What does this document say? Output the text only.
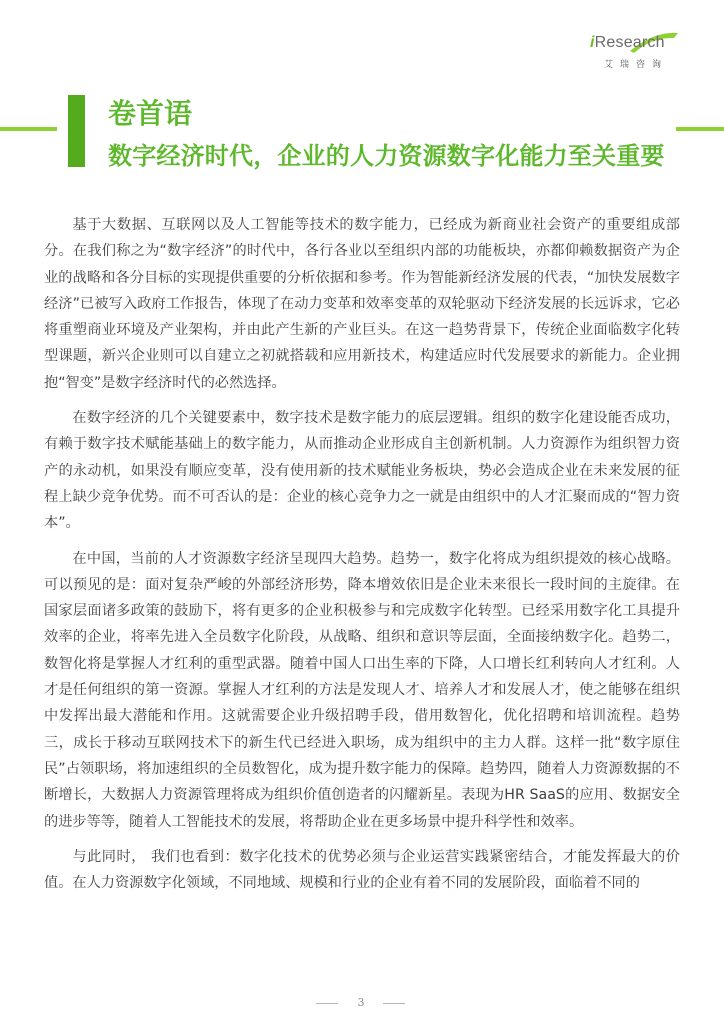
iResearch
艾瑞咨询
卷首语
数字经济时代，企业的人力资源数字化能力至关重要

基于大数据、互联网以及人工智能等技术的数字能力，已经成为新商业社会资产的重要组成部分。在我们称之为“数字经济”的时代中，各行各业以至组织内部的功能板块，亦都仰赖数据资产为企业的战略和各分目标的实现提供重要的分析依据和参考。作为智能新经济发展的代表，“加快发展数字经济”已被写入政府工作报告，体现了在动力变革和效率变革的双轮驱动下经济发展的长远诉求，它必将重塑商业环境及产业架构，并由此产生新的产业巨头。在这一趋势背景下，传统企业面临数字化转型课题，新兴企业则可以自建立之初就搭载和应用新技术，构建适应时代发展要求的新能力。企业拥抱“智变”是数字经济时代的必然选择。

在数字经济的几个关键要素中，数字技术是数字能力的底层逻辑。组织的数字化建设能否成功，有赖于数字技术赋能基础上的数字能力，从而推动企业形成自主创新机制。人力资源作为组织智力资产的永动机，如果没有顺应变革，没有使用新的技术赋能业务板块，势必会造成企业在未来发展的征程上缺少竞争优势。而不可否认的是：企业的核心竞争力之一就是由组织中的人才汇聚而成的“智力资本”。

在中国，当前的人才资源数字经济呈现四大趋势。趋势一，数字化将成为组织提效的核心战略。可以预见的是：面对复杂严峻的外部经济形势，降本增效依旧是企业未来很长一段时间的主旋律。在国家层面诸多政策的鼓励下，将有更多的企业积极参与和完成数字化转型。已经采用数字化工具提升效率的企业，将率先进入全员数字化阶段，从战略、组织和意识等层面，全面接纳数字化。趋势二，数智化将是掌握人才红利的重型武器。随着中国人口出生率的下降，人口增长红利转向人才红利。人才是任何组织的第一资源。掌握人才红利的方法是发现人才、培养人才和发展人才，使之能够在组织中发挥出最大潜能和作用。这就需要企业升级招聘手段，借用数智化，优化招聘和培训流程。趋势三，成长于移动互联网技术下的新生代已经进入职场，成为组织中的主力人群。这样一批“数字原住民”占领职场，将加速组织的全员数智化，成为提升数字能力的保障。趋势四，随着人力资源数据的不断增长，大数据人力资源管理将成为组织价值创造者的闪耀新星。表现为HR SaaS的应用、数据安全的进步等等，随着人工智能技术的发展，将帮助企业在更多场景中提升科学性和效率。

与此同时， 我们也看到：数字化技术的优势必须与企业运营实践紧密结合，才能发挥最大的价值。在人力资源数字化领域，不同地域、规模和行业的企业有着不同的发展阶段，面临着不同的

3
